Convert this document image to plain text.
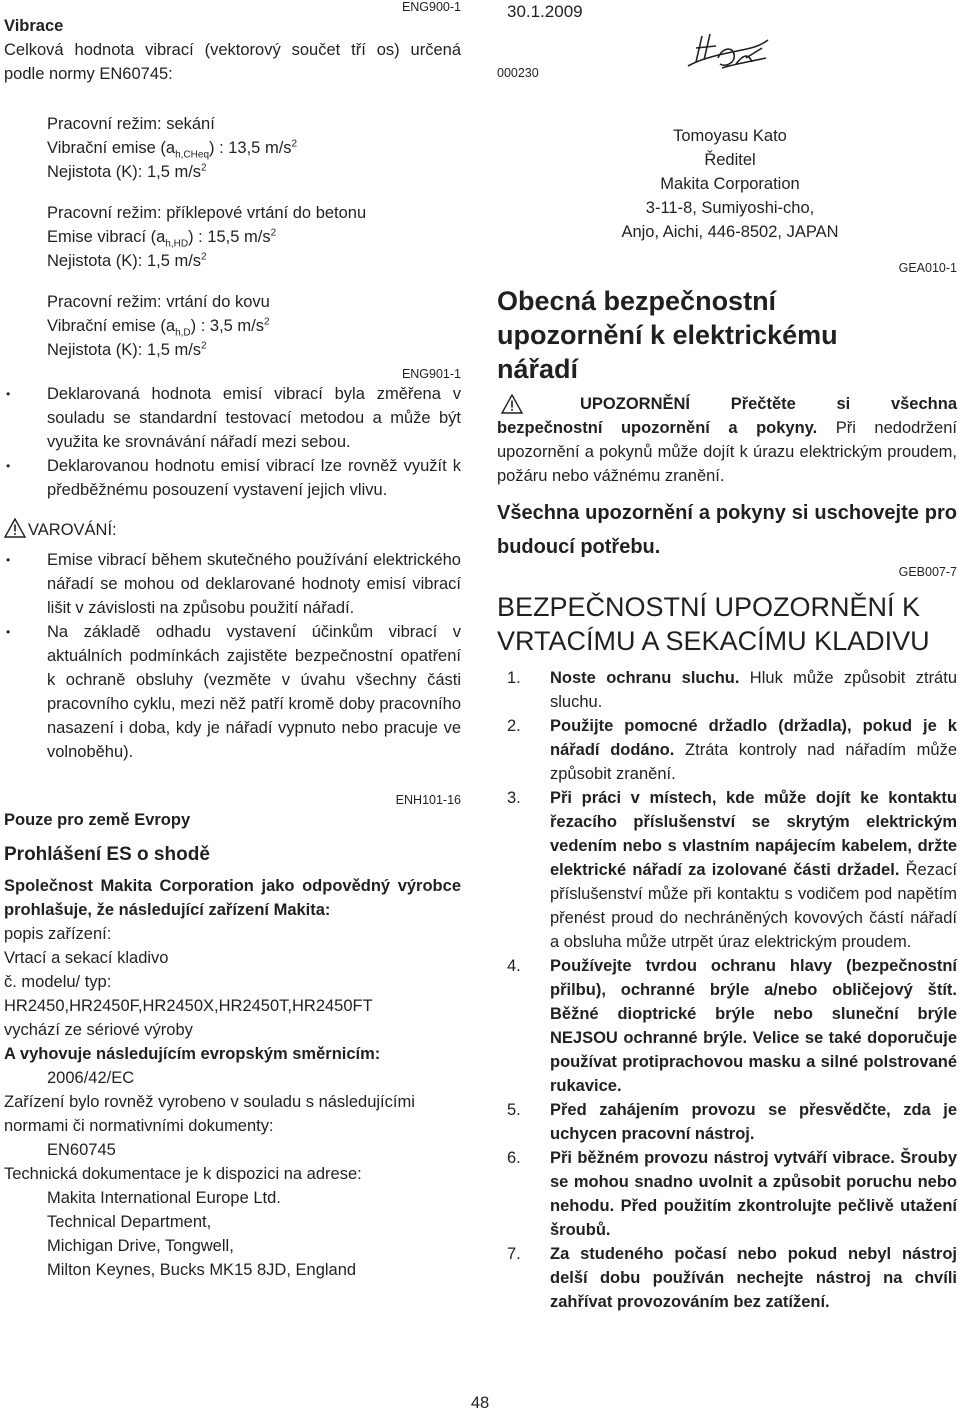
ENG900-1

Vibrace

Celková hodnota vibrací (vektorový součet tří os) určená podle normy EN60745:

Pracovní režim: sekání

Vibrační emise $(a_{h,CHeq})$ : 13,5 $m/s^2$

Nejistota (K): 1,5 $m/s^2$

Pracovní režim: příklepové vrtání do betonu

Emise vibrací $(a_{h,HD})$ : 15,5 $m/s^2$

Nejistota (K): 1,5 $m/s^2$

Pracovní režim: vrtání do kovu

Vibrační emise $(a_{h,D})$ : 3,5 $m/s^2$

Nejistota (K): 1,5 $m/s^2$

ENG901-1
• Deklarovaná hodnota emisí vibrací byla změřena v souladu se standardní testovací metodou a může být využita ke srovnávání nářadí mezi sebou.
• Deklarovanou hodnotu emisí vibrací lze rovněž využít k předběžnému posouzení vystavení jejich vlivu.
VAROVÁNÍ:
• Emise vibrací během skutečného používání elektrického nářadí se mohou od deklarované hodnoty emisí vibrací lišit v závislosti na způsobu použití nářadí.
• Na základě odhadu vystavení účinkům vibrací v aktuálních podmínkách zajistěte bezpečnostní opatření k ochraně obsluhy (vezměte v úvahu všechny části pracovního cyklu, mezi něž patří kromě doby pracovního nasazení i doba, kdy je nářadí vypnuto nebo pracuje ve volnoběhu).
ENH101-16

Pouze pro země Evropy

Prohlášení ES o shodě

Společnost Makita Corporation jako odpovědný výrobce prohlašuje, že následující zařízení Makita:

popis zařízení:

Vrtací a sekací kladivo

č. modelu/ typ:

HR2450,HR2450F,HR2450X,HR2450T,HR2450FT

vychází ze sériové výroby

A vyhovuje následujícím evropským směrnicím:

2006/42/EC

Zařízení bylo rovněž vyrobeno v souladu s následujícími normami či normativními dokumenty:

EN60745

Technická dokumentace je k dispozici na adrese:

Makita International Europe Ltd.

Technical Department,

Michigan Drive, Tongwell,

Milton Keynes, Bucks MK15 8JD, England

30.1.2009

000230

Tomoyasu Kato

Ředitel

Makita Corporation

3-11-8, Sumiyoshi-cho,

Anjo, Aichi, 446-8502, JAPAN

GEA010-1
Obecná bezpečnostní upozornění k elektrickému nářadí

UPOZORNĚNÍ Přečtěte si všechna bezpečnostní upozornění a pokyny. Při nedodržení upozornění a pokynů může dojít k úrazu elektrickým proudem, požáru nebo vážnému zranění.

Všechna upozornění a pokyny si uschovejte pro budoucí potřebu.

GEB007-7
BEZPEČNOSTNÍ UPOZORNĚNÍ K VRTACÍMU A SEKACÍMU KLADIVU
1. Noste ochranu sluchu. Hluk může způsobit ztrátu sluchu.
2. Použijte pomocné držadlo (držadla), pokud je k nářadí dodáno. Ztráta kontroly nad nářadím může způsobit zranění.
3. Při práci v místech, kde může dojít ke kontaktu řezacího příslušenství se skrytým elektrickým vedením nebo s vlastním napájecím kabelem, držte elektrické nářadí za izolované části držadel. Řezací příslušenství může při kontaktu s vodičem pod napětím přenést proud do nechráněných kovových částí nářadí a obsluha může utrpět úraz elektrickým proudem.
4. Používejte tvrdou ochranu hlavy (bezpečnostní přilbu), ochranné brýle a/nebo obličejový štít. Běžné dioptrické brýle nebo sluneční brýle NEJSOU ochranné brýle. Velice se také doporučuje používat protiprachovou masku a silné polstrované rukavice.
5. Před zahájením provozu se přesvědčte, zda je uchycen pracovní nástroj.
6. Při běžném provozu nástroj vytváří vibrace. Šrouby se mohou snadno uvolnit a způsobit poruchu nebo nehodu. Před použitím zkontrolujte pečlivě utažení šroubů.
7. Za studeného počasí nebo pokud nebyl nástroj delší dobu používán nechejte nástroj na chvíli zahřívat provozováním bez zatížení.
48
